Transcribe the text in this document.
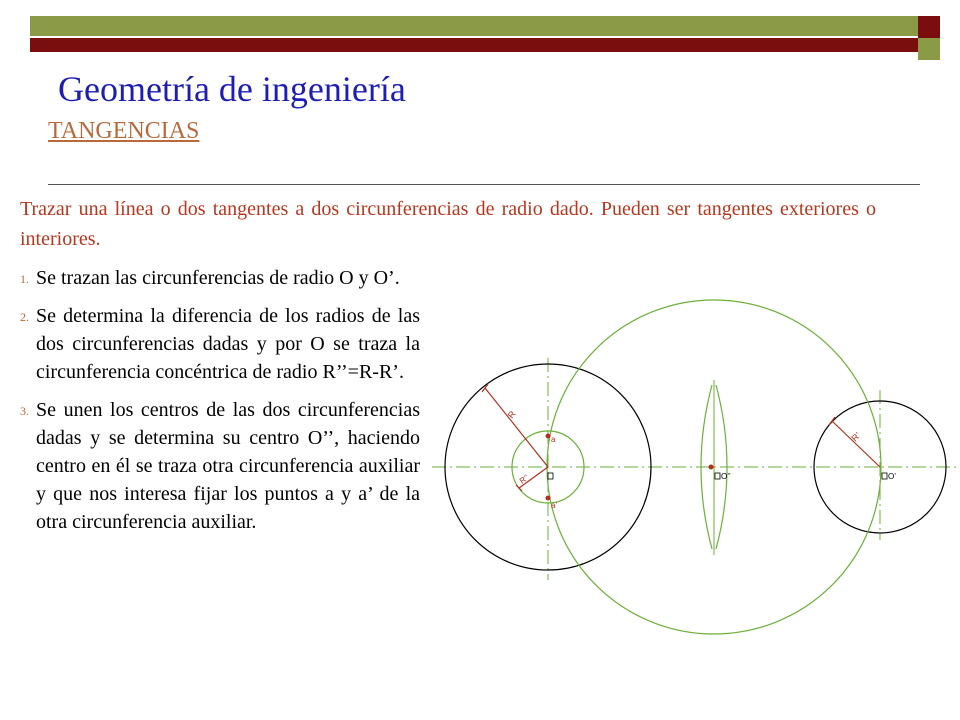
Geometría de ingeniería
TANGENCIAS
Trazar una línea o dos tangentes a dos circunferencias de radio dado. Pueden ser tangentes exteriores o interiores.
1. Se trazan las circunferencias de radio O y O’.
2. Se determina la diferencia de los radios de las dos circunferencias dadas y por O se traza la circunferencia concéntrica de radio R’’=R-R’.
3. Se unen los centros de las dos circunferencias dadas y se determina su centro O’’, haciendo centro en él se traza otra circunferencia auxiliar y que nos interesa fijar los puntos a y a’ de la otra circunferencia auxiliar.
R
R’
R’’
a
a’
O’’	O’
